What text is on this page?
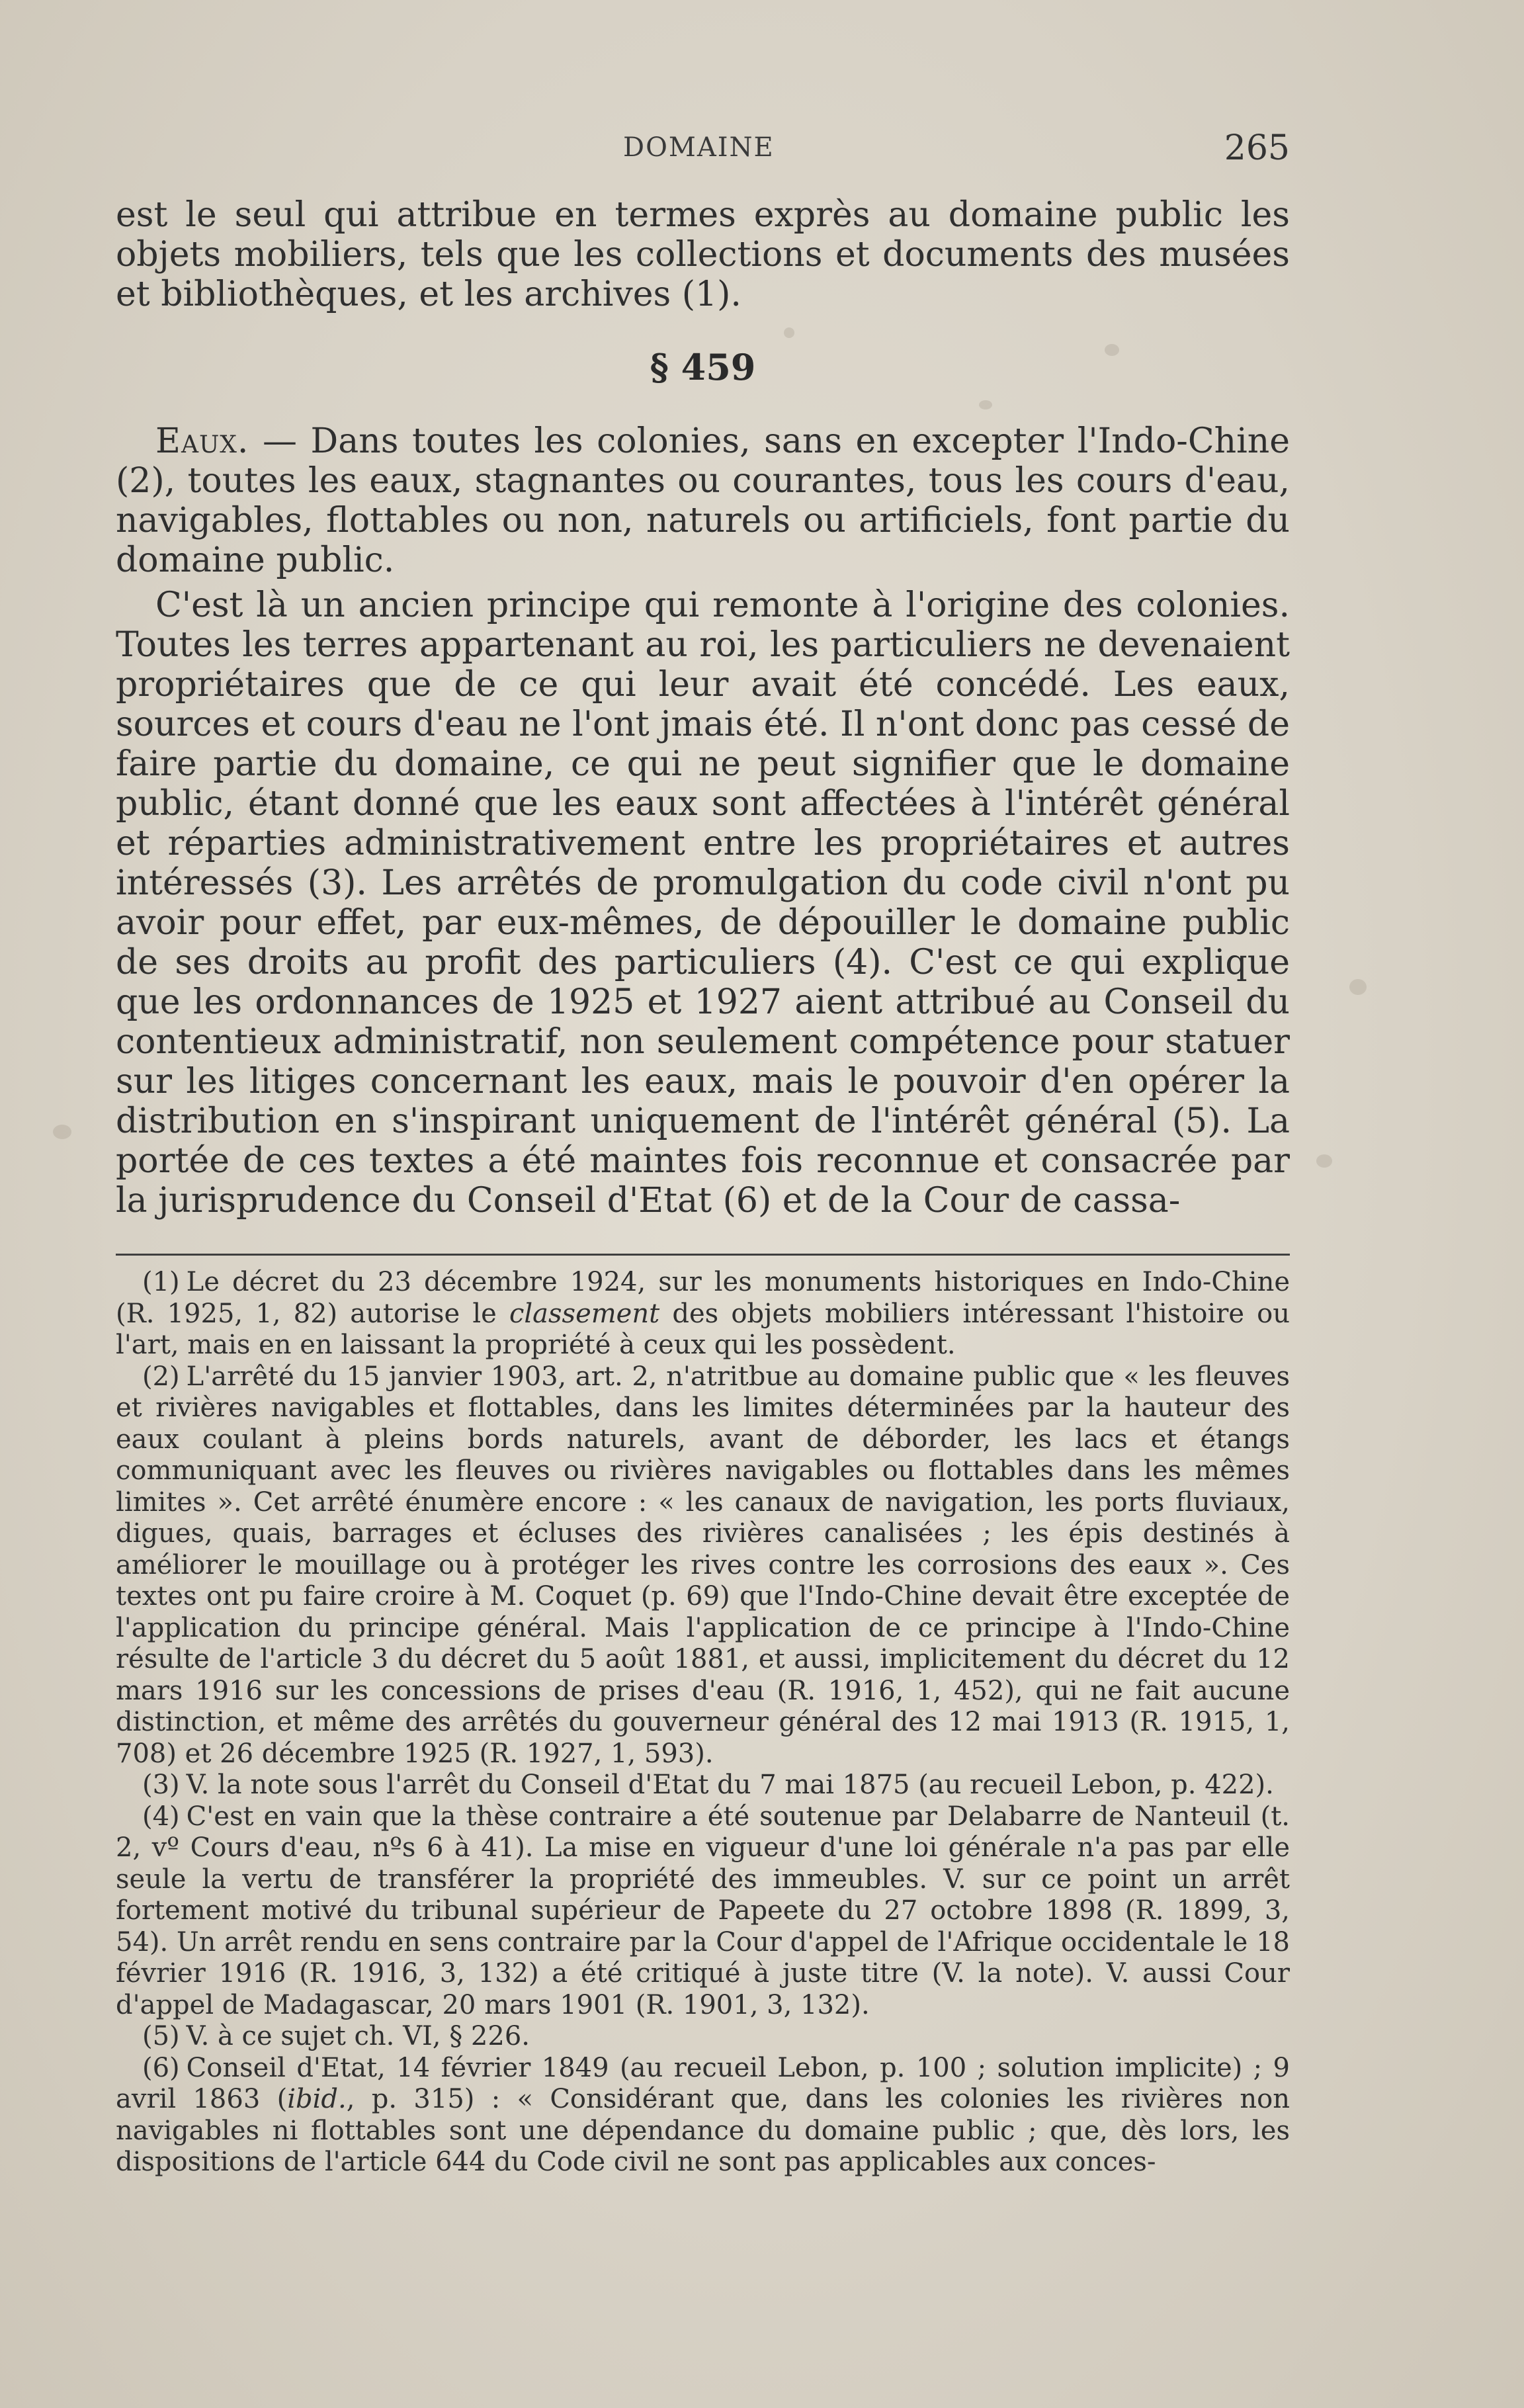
DOMAINE	265

est le seul qui attribue en termes exprès au domaine public les objets mobiliers, tels que les collections et documents des musées et bibliothèques, et les archives (1).

§ 459

Eaux. — Dans toutes les colonies, sans en excepter l'Indo-Chine (2), toutes les eaux, stagnantes ou courantes, tous les cours d'eau, navigables, flottables ou non, naturels ou artificiels, font partie du domaine public.

C'est là un ancien principe qui remonte à l'origine des colonies. Toutes les terres appartenant au roi, les particuliers ne devenaient propriétaires que de ce qui leur avait été concédé. Les eaux, sources et cours d'eau ne l'ont jmais été. Il n'ont donc pas cessé de faire partie du domaine, ce qui ne peut signifier que le domaine public, étant donné que les eaux sont affectées à l'intérêt général et réparties administrativement entre les propriétaires et autres intéressés (3). Les arrêtés de promulgation du code civil n'ont pu avoir pour effet, par eux-mêmes, de dépouiller le domaine public de ses droits au profit des particuliers (4). C'est ce qui explique que les ordonnances de 1925 et 1927 aient attribué au Conseil du contentieux administratif, non seulement compétence pour statuer sur les litiges concernant les eaux, mais le pouvoir d'en opérer la distribution en s'inspirant uniquement de l'intérêt général (5). La portée de ces textes a été maintes fois reconnue et consacrée par la jurisprudence du Conseil d'Etat (6) et de la Cour de cassa-

(1) Le décret du 23 décembre 1924, sur les monuments historiques en Indo-Chine (R. 1925, 1, 82) autorise le classement des objets mobiliers intéressant l'histoire ou l'art, mais en en laissant la propriété à ceux qui les possèdent.

(2) L'arrêté du 15 janvier 1903, art. 2, n'atritbue au domaine public que « les fleuves et rivières navigables et flottables, dans les limites déterminées par la hauteur des eaux coulant à pleins bords naturels, avant de déborder, les lacs et étangs communiquant avec les fleuves ou rivières navigables ou flottables dans les mêmes limites ». Cet arrêté énumère encore : « les canaux de navigation, les ports fluviaux, digues, quais, barrages et écluses des rivières canalisées ; les épis destinés à améliorer le mouillage ou à protéger les rives contre les corrosions des eaux ». Ces textes ont pu faire croire à M. Coquet (p. 69) que l'Indo-Chine devait être exceptée de l'application du principe général. Mais l'application de ce principe à l'Indo-Chine résulte de l'article 3 du décret du 5 août 1881, et aussi, implicitement du décret du 12 mars 1916 sur les concessions de prises d'eau (R. 1916, 1, 452), qui ne fait aucune distinction, et même des arrêtés du gouverneur général des 12 mai 1913 (R. 1915, 1, 708) et 26 décembre 1925 (R. 1927, 1, 593).

(3) V. la note sous l'arrêt du Conseil d'Etat du 7 mai 1875 (au recueil Lebon, p. 422).

(4) C'est en vain que la thèse contraire a été soutenue par Delabarre de Nanteuil (t. 2, vº Cours d'eau, nºs 6 à 41). La mise en vigueur d'une loi générale n'a pas par elle seule la vertu de transférer la propriété des immeubles. V. sur ce point un arrêt fortement motivé du tribunal supérieur de Papeete du 27 octobre 1898 (R. 1899, 3, 54). Un arrêt rendu en sens contraire par la Cour d'appel de l'Afrique occidentale le 18 février 1916 (R. 1916, 3, 132) a été critiqué à juste titre (V. la note). V. aussi Cour d'appel de Madagascar, 20 mars 1901 (R. 1901, 3, 132).

(5) V. à ce sujet ch. VI, § 226.

(6) Conseil d'Etat, 14 février 1849 (au recueil Lebon, p. 100 ; solution implicite) ; 9 avril 1863 (ibid., p. 315) : « Considérant que, dans les colonies les rivières non navigables ni flottables sont une dépendance du domaine public ; que, dès lors, les dispositions de l'article 644 du Code civil ne sont pas applicables aux conces-
